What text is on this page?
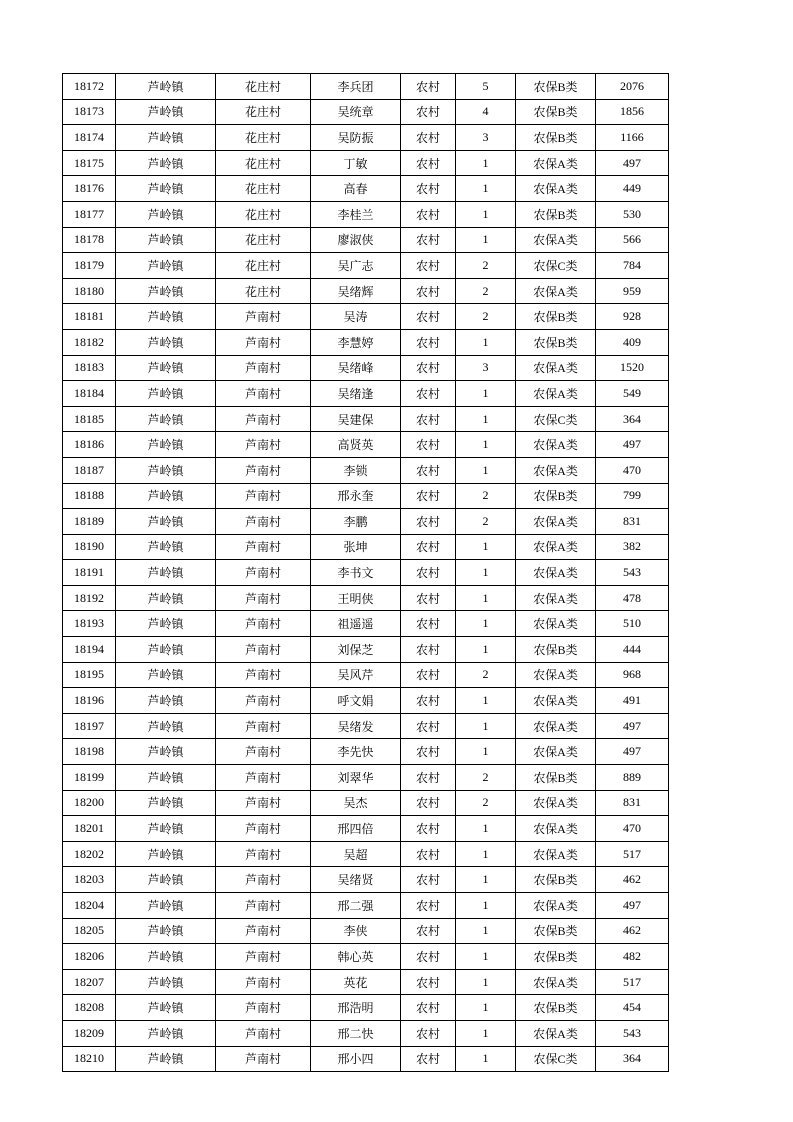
18172	芦岭镇	花庄村	李兵团	农村	5	农保B类	2076
18173	芦岭镇	花庄村	吴统章	农村	4	农保B类	1856
18174	芦岭镇	花庄村	吴防振	农村	3	农保B类	1166
18175	芦岭镇	花庄村	丁敏	农村	1	农保A类	497
18176	芦岭镇	花庄村	高春	农村	1	农保A类	449
18177	芦岭镇	花庄村	李桂兰	农村	1	农保B类	530
18178	芦岭镇	花庄村	廖淑侠	农村	1	农保A类	566
18179	芦岭镇	花庄村	吴广志	农村	2	农保C类	784
18180	芦岭镇	花庄村	吴绪辉	农村	2	农保A类	959
18181	芦岭镇	芦南村	吴涛	农村	2	农保B类	928
18182	芦岭镇	芦南村	李慧婷	农村	1	农保B类	409
18183	芦岭镇	芦南村	吴绪峰	农村	3	农保A类	1520
18184	芦岭镇	芦南村	吴绪逢	农村	1	农保A类	549
18185	芦岭镇	芦南村	吴建保	农村	1	农保C类	364
18186	芦岭镇	芦南村	高贤英	农村	1	农保A类	497
18187	芦岭镇	芦南村	李锁	农村	1	农保A类	470
18188	芦岭镇	芦南村	邢永奎	农村	2	农保B类	799
18189	芦岭镇	芦南村	李鹏	农村	2	农保A类	831
18190	芦岭镇	芦南村	张坤	农村	1	农保A类	382
18191	芦岭镇	芦南村	李书文	农村	1	农保A类	543
18192	芦岭镇	芦南村	王明侠	农村	1	农保A类	478
18193	芦岭镇	芦南村	祖遥遥	农村	1	农保A类	510
18194	芦岭镇	芦南村	刘保芝	农村	1	农保B类	444
18195	芦岭镇	芦南村	吴风芹	农村	2	农保A类	968
18196	芦岭镇	芦南村	呼文娟	农村	1	农保A类	491
18197	芦岭镇	芦南村	吴绪发	农村	1	农保A类	497
18198	芦岭镇	芦南村	李先快	农村	1	农保A类	497
18199	芦岭镇	芦南村	刘翠华	农村	2	农保B类	889
18200	芦岭镇	芦南村	吴杰	农村	2	农保A类	831
18201	芦岭镇	芦南村	邢四倍	农村	1	农保A类	470
18202	芦岭镇	芦南村	吴超	农村	1	农保A类	517
18203	芦岭镇	芦南村	吴绪贤	农村	1	农保B类	462
18204	芦岭镇	芦南村	邢二强	农村	1	农保A类	497
18205	芦岭镇	芦南村	李侠	农村	1	农保B类	462
18206	芦岭镇	芦南村	韩心英	农村	1	农保B类	482
18207	芦岭镇	芦南村	英花	农村	1	农保A类	517
18208	芦岭镇	芦南村	邢浩明	农村	1	农保B类	454
18209	芦岭镇	芦南村	邢二快	农村	1	农保A类	543
18210	芦岭镇	芦南村	邢小四	农村	1	农保C类	364
